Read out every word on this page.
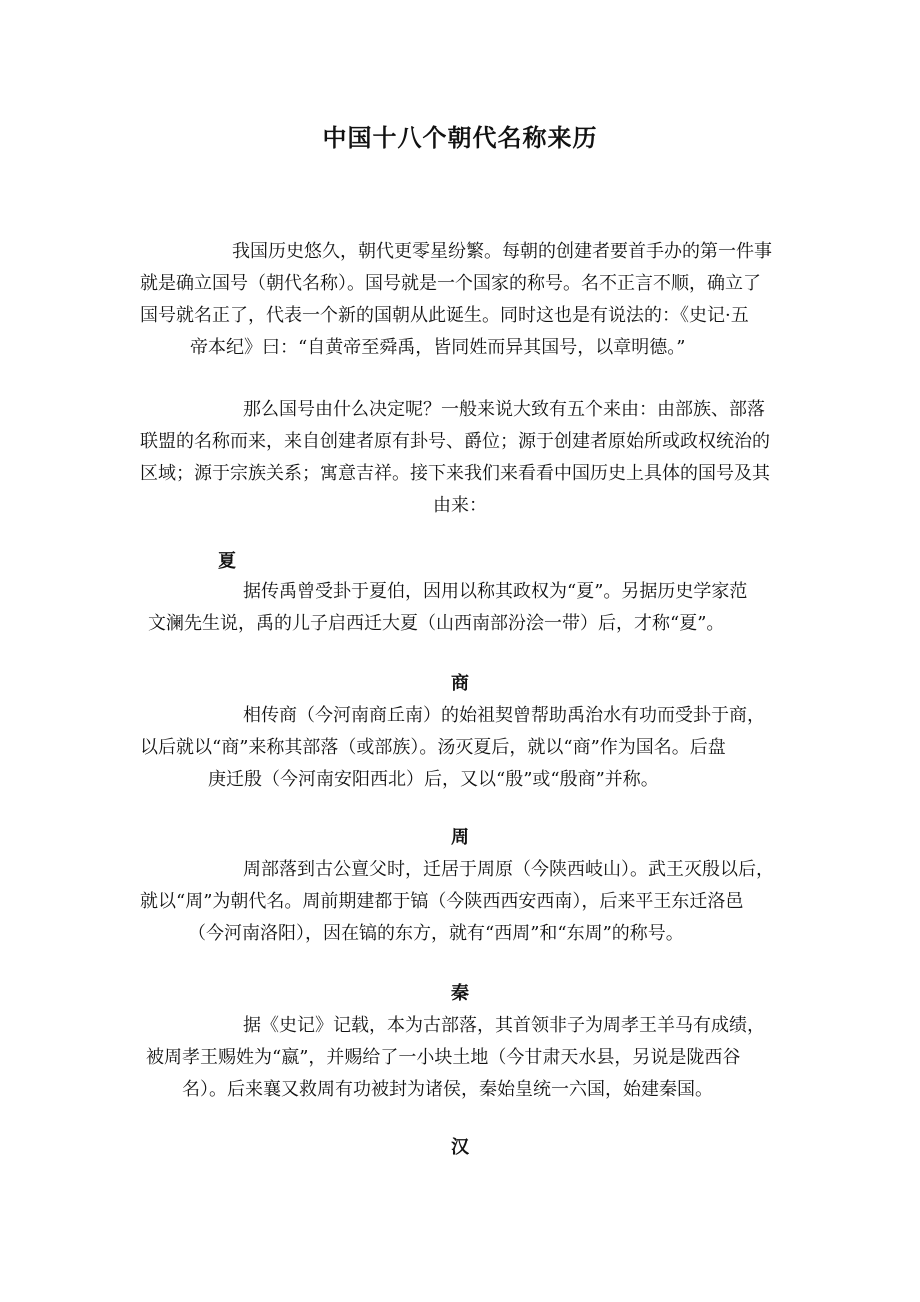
中国十八个朝代名称来历
我国历史悠久，朝代更零星纷繁。每朝的创建者要首手办的第一件事
就是确立国号（朝代名称）。国号就是一个国家的称号。名不正言不顺，确立了
国号就名正了，代表一个新的国朝从此诞生。同时这也是有说法的：《史记·五
帝本纪》曰：“自黄帝至舜禹，皆同姓而异其国号，以章明德。”
那么国号由什么决定呢？一般来说大致有五个来由：由部族、部落
联盟的名称而来，来自创建者原有卦号、爵位；源于创建者原始所或政权统治的
区域；源于宗族关系；寓意吉祥。接下来我们来看看中国历史上具体的国号及其
由来：
夏
据传禹曾受卦于夏伯，因用以称其政权为“夏”。另据历史学家范
文澜先生说，禹的儿子启西迁大夏（山西南部汾浍一带）后，才称“夏”。
商
相传商（今河南商丘南）的始祖契曾帮助禹治水有功而受卦于商，
以后就以“商”来称其部落（或部族）。汤灭夏后，就以“商”作为国名。后盘
庚迁殷（今河南安阳西北）后，又以“殷”或“殷商”并称。
周
周部落到古公亶父时，迁居于周原（今陕西岐山）。武王灭殷以后，
就以“周”为朝代名。周前期建都于镐（今陕西西安西南），后来平王东迁洛邑
（今河南洛阳），因在镐的东方，就有“西周”和“东周”的称号。
秦
据《史记》记载，本为古部落，其首领非子为周孝王羊马有成绩，
被周孝王赐姓为“嬴”，并赐给了一小块土地（今甘肃天水县，另说是陇西谷
名）。后来襄又救周有功被封为诸侯，秦始皇统一六国，始建秦国。
汉
